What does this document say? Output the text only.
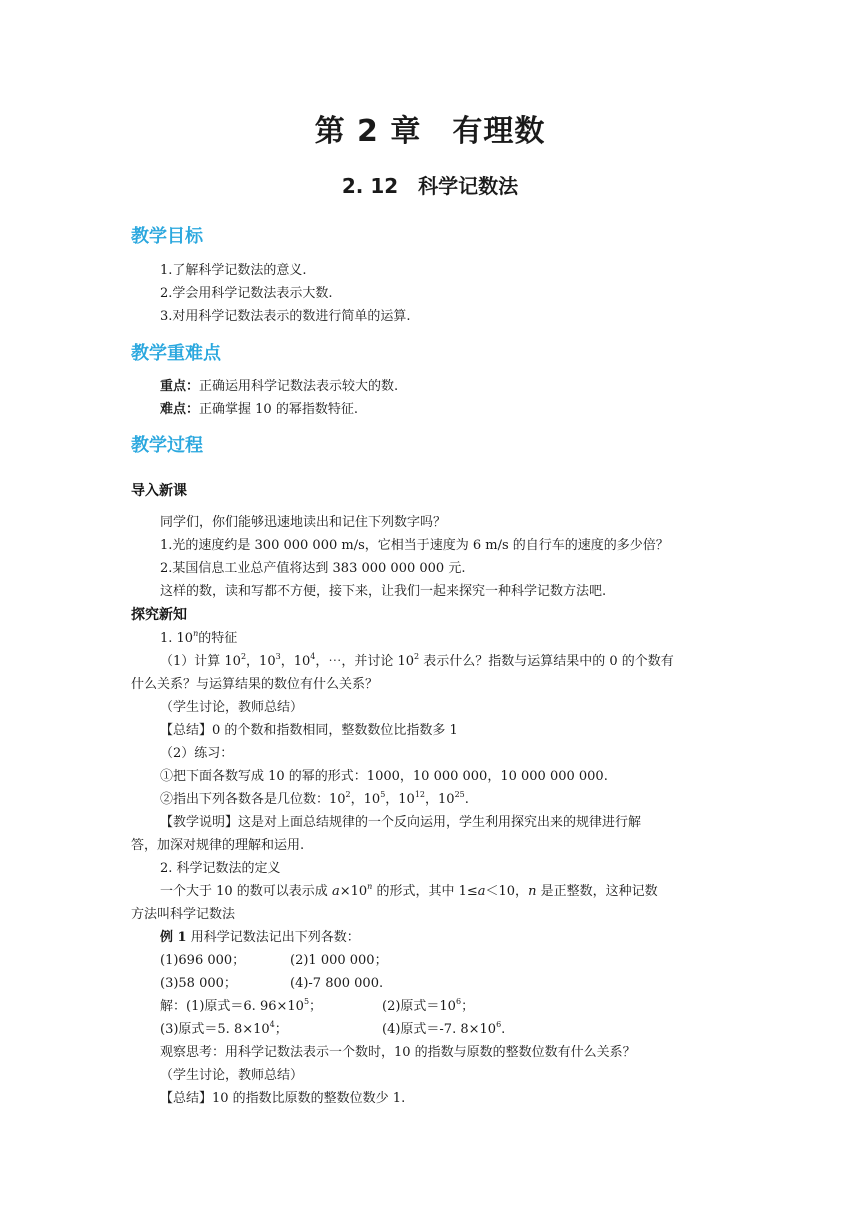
第 2 章　有理数
2. 12　科学记数法
教学目标
1.了解科学记数法的意义.
2.学会用科学记数法表示大数.
3.对用科学记数法表示的数进行简单的运算.
教学重难点
重点：正确运用科学记数法表示较大的数.
难点：正确掌握 10 的幂指数特征.
教学过程
导入新课
同学们，你们能够迅速地读出和记住下列数字吗？
1.光的速度约是 300 000 000 m/s，它相当于速度为 6 m/s 的自行车的速度的多少倍？
2.某国信息工业总产值将达到 383 000 000 000 元.
这样的数，读和写都不方便，接下来，让我们一起来探究一种科学记数方法吧.
探究新知
1. 10$^n$的特征
（1）计算 $10^2$，$10^3$，$10^4$，⋯，并讨论 $10^2$ 表示什么？指数与运算结果中的 0 的个数有
什么关系？与运算结果的数位有什么关系？
（学生讨论，教师总结）
【总结】0 的个数和指数相同，整数数位比指数多 1
（2）练习：
①把下面各数写成 10 的幂的形式：1000，10 000 000，10 000 000 000.
②指出下列各数各是几位数：$10^2$，$10^5$，$10^{12}$，$10^{25}$.
【教学说明】这是对上面总结规律的一个反向运用，学生利用探究出来的规律进行解
答，加深对规律的理解和运用.
2. 科学记数法的定义
一个大于 10 的数可以表示成 $a\times 10^n$ 的形式，其中 1≤a＜10，n 是正整数，这种记数
方法叫科学记数法
例 1 用科学记数法记出下列各数：
(1)696 000；	(2)1 000 000；
(3)58 000；	(4)-7 800 000.
解：(1)原式＝6. $96\times 10^5$；	(2)原式$=10^6$；
(3)原式＝5. $8\times 10^4$；	(4)原式＝-7. $8\times 10^6$.
观察思考：用科学记数法表示一个数时，10 的指数与原数的整数位数有什么关系？
（学生讨论，教师总结）
【总结】10 的指数比原数的整数位数少 1.
